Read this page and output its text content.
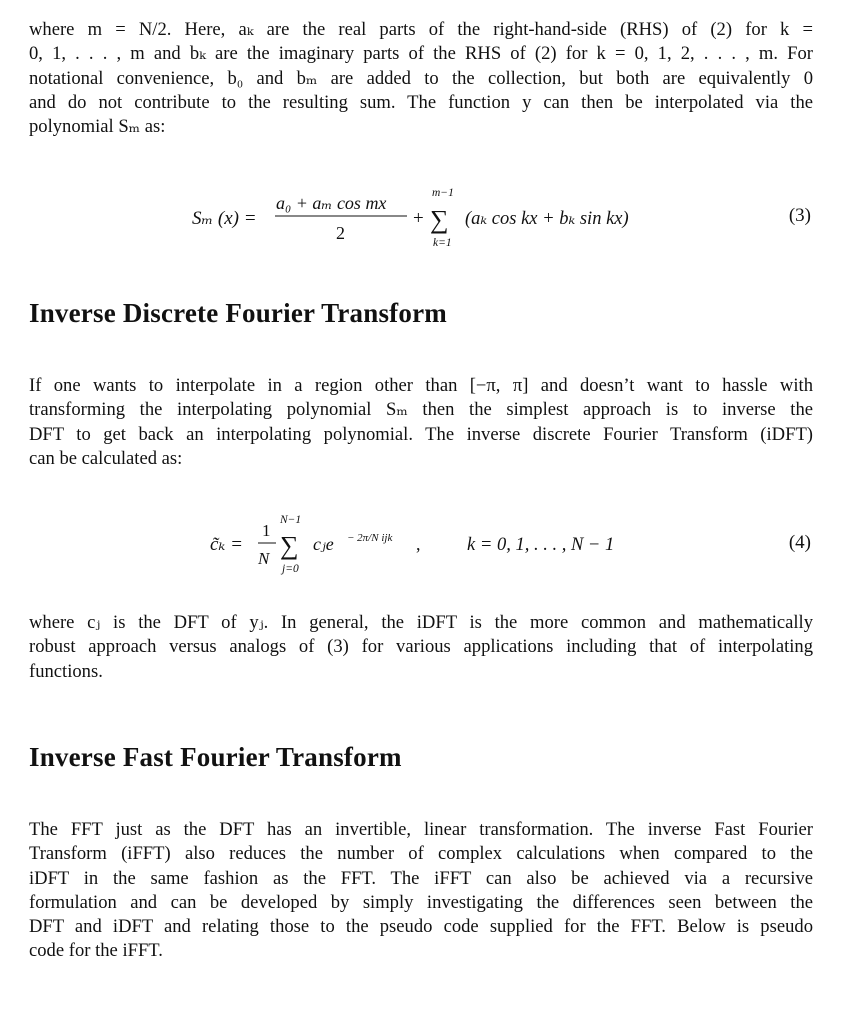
where m = N/2. Here, aₖ are the real parts of the right-hand-side (RHS) of (2) for k =
0, 1, . . . , m and bₖ are the imaginary parts of the RHS of (2) for k = 0, 1, 2, . . . , m. For
notational convenience, b₀ and bₘ are added to the collection, but both are equivalently 0
and do not contribute to the resulting sum. The function y can then be interpolated via the
polynomial Sₘ as:
Sₘ (x) =
a₀ + aₘ cos mx
2
+
m−1
∑
k=1
(aₖ cos kx + bₖ sin kx)	(3)
Inverse Discrete Fourier Transform
If one wants to interpolate in a region other than [−π, π] and doesn’t want to hassle with
transforming the interpolating polynomial Sₘ then the simplest approach is to inverse the
DFT to get back an interpolating polynomial. The inverse discrete Fourier Transform (iDFT)
can be calculated as:
c̃ₖ =
1
N
N−1
∑
j=0
cⱼе − 2π/N ijk ,	k = 0, 1, . . . , N − 1	(4)
where cⱼ is the DFT of yⱼ. In general, the iDFT is the more common and mathematically
robust approach versus analogs of (3) for various applications including that of interpolating
functions.
Inverse Fast Fourier Transform
The FFT just as the DFT has an invertible, linear transformation. The inverse Fast Fourier
Transform (iFFT) also reduces the number of complex calculations when compared to the
iDFT in the same fashion as the FFT. The iFFT can also be achieved via a recursive
formulation and can be developed by simply investigating the differences seen between the
DFT and iDFT and relating those to the pseudo code supplied for the FFT. Below is pseudo
code for the iFFT.
